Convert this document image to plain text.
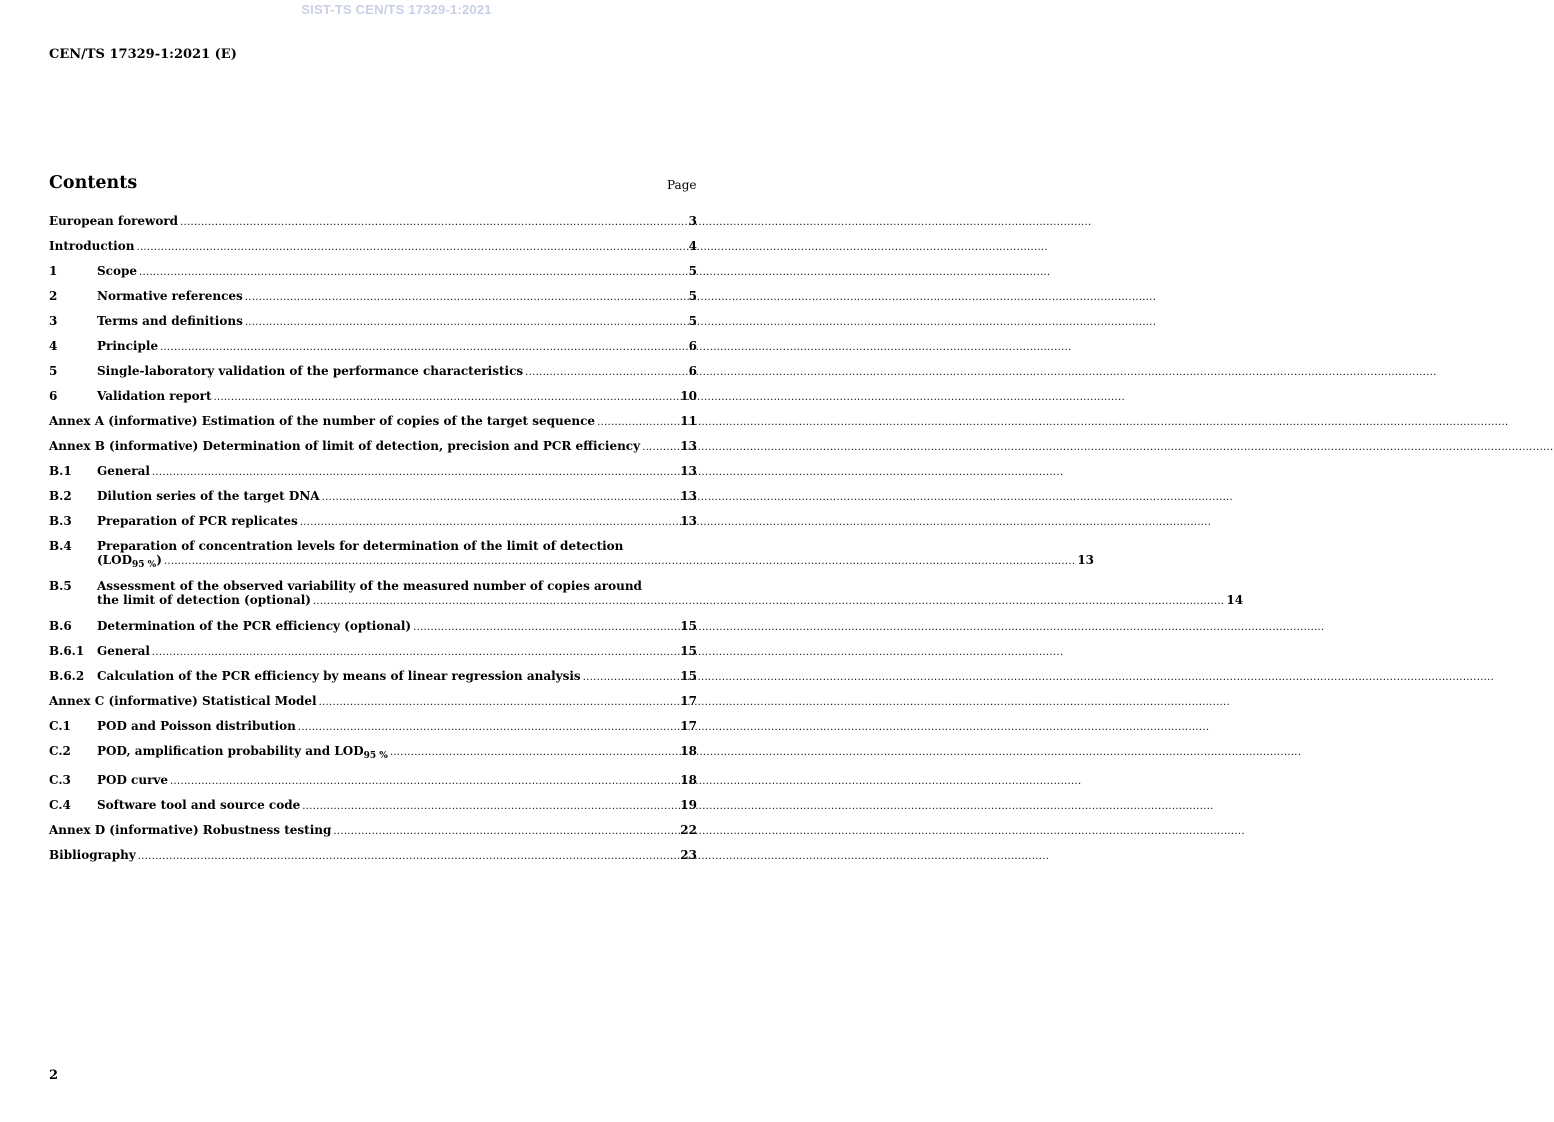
SIST-TS CEN/TS 17329-1:2021
CEN/TS 17329-1:2021 (E)
Contents	Page
European foreword .....	3
Introduction .....	4
1	Scope .....	5
2	Normative references .....	5
3	Terms and definitions .....	5
4	Principle .....	6
5	Single-laboratory validation of the performance characteristics .....	6
6	Validation report .....	10
Annex A (informative) Estimation of the number of copies of the target sequence .....	11
Annex B (informative) Determination of limit of detection, precision and PCR efficiency .....	13
B.1	General .....	13
B.2	Dilution series of the target DNA .....	13
B.3	Preparation of PCR replicates .....	13
B.4	Preparation of concentration levels for determination of the limit of detection
$(LOD_{95 \%})$ .....	13
B.5	Assessment of the observed variability of the measured number of copies around
the limit of detection (optional) .....	14
B.6	Determination of the PCR efficiency (optional) .....	15
B.6.1	General .....	15
B.6.2	Calculation of the PCR efficiency by means of linear regression analysis .....	15
Annex C (informative) Statistical Model .....	17
C.1	POD and Poisson distribution .....	17
C.2	POD, amplification probability and $LOD_{95 \%}$ .....	18
C.3	POD curve .....	18
C.4	Software tool and source code .....	19
Annex D (informative) Robustness testing .....	22
Bibliography .....	23
2
